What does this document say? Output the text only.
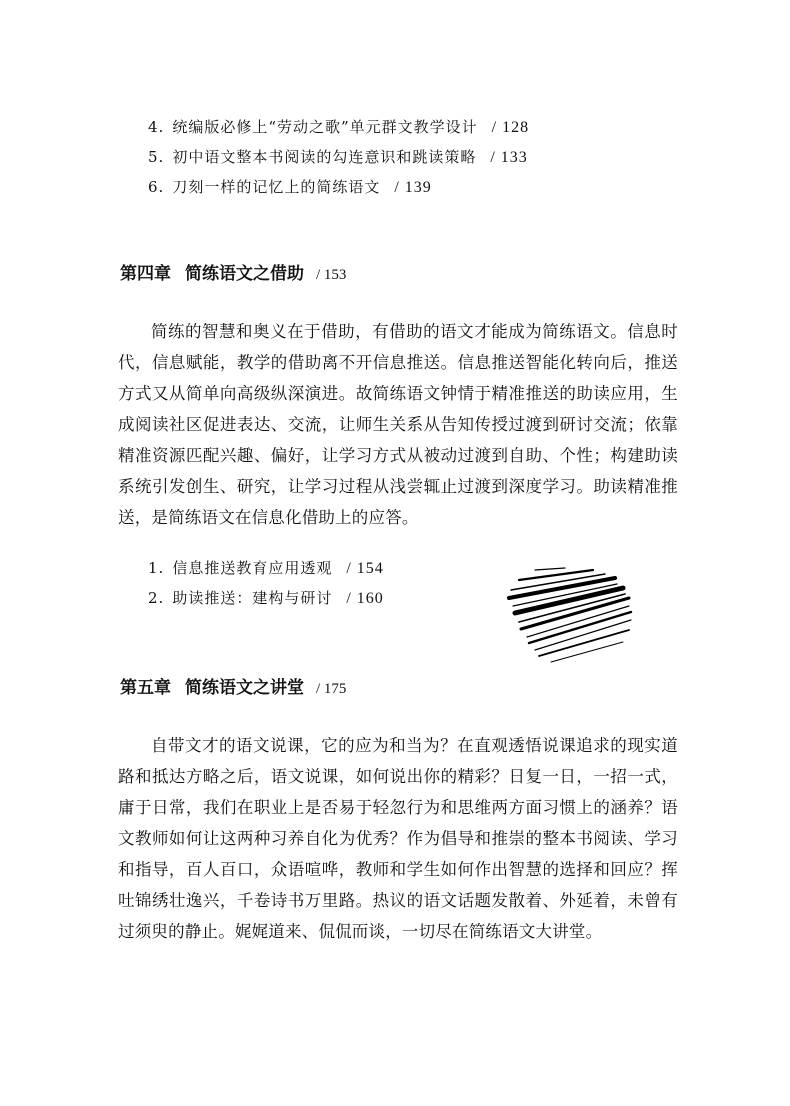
4. 统编版必修上“劳动之歌”单元群文教学设计 / 128
5. 初中语文整本书阅读的勾连意识和跳读策略 / 133
6. 刀刻一样的记忆上的简练语文 / 139
第四章 简练语文之借助 / 153

简练的智慧和奥义在于借助，有借助的语文才能成为简练语文。信息时代，信息赋能，教学的借助离不开信息推送。信息推送智能化转向后，推送方式又从简单向高级纵深演进。故简练语文钟情于精准推送的助读应用，生成阅读社区促进表达、交流，让师生关系从告知传授过渡到研讨交流；依靠精准资源匹配兴趣、偏好，让学习方式从被动过渡到自助、个性；构建助读系统引发创生、研究，让学习过程从浅尝辄止过渡到深度学习。助读精准推送，是简练语文在信息化借助上的应答。

1. 信息推送教育应用透观 / 154
2. 助读推送：建构与研讨 / 160
第五章 简练语文之讲堂 / 175

自带文才的语文说课，它的应为和当为？在直观透悟说课追求的现实道路和抵达方略之后，语文说课，如何说出你的精彩？日复一日，一招一式，庸于日常，我们在职业上是否易于轻忽行为和思维两方面习惯上的涵养？语文教师如何让这两种习养自化为优秀？作为倡导和推崇的整本书阅读、学习和指导，百人百口，众语喧哗，教师和学生如何作出智慧的选择和回应？挥吐锦绣壮逸兴，千卷诗书万里路。热议的语文话题发散着、外延着，未曾有过须臾的静止。娓娓道来、侃侃而谈，一切尽在简练语文大讲堂。
